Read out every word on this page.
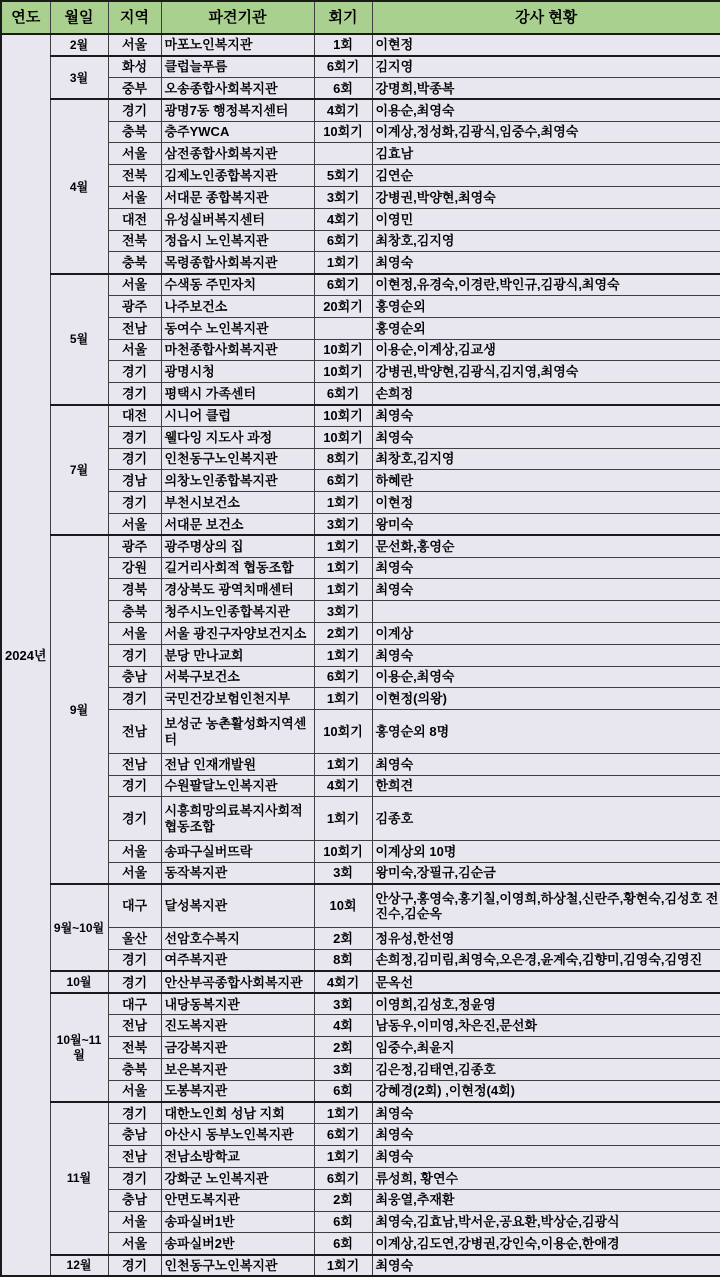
연도	월일	지역	파견기관	회기	강사 현황
2024년	2월	서울	마포노인복지관	1회	이현정
	3월	화성	클럽늘푸름	6회기	김지영
		중부	오송종합사회복지관	6회	강명희,박종복
	4월	경기	광명7동 행정복지센터	4회기	이용순,최영숙
		충북	충주YWCA	10회기	이계상,정성화,김광식,임중수,최영숙
		서울	삼전종합사회복지관		김효남
		전북	김제노인종합복지관	5회기	김연순
		서울	서대문 종합복지관	3회기	강병권,박양현,최영숙
		대전	유성실버복지센터	4회기	이영민
		전북	정읍시 노인복지관	6회기	최창호,김지영
		충북	목령종합사회복지관	1회기	최영숙
	5월	서울	수색동 주민자치	6회기	이현정,유경숙,이경란,박인규,김광식,최영숙
		광주	나주보건소	20회기	홍영순외
		전남	동여수 노인복지관		홍영순외
		서울	마천종합사회복지관	10회기	이용순,이계상,김교생
		경기	광명시청	10회기	강병권,박양현,김광식,김지영,최영숙
		경기	평택시 가족센터	6회기	손희정
	7월	대전	시니어 클럽	10회기	최영숙
		경기	웰다잉 지도사 과정	10회기	최영숙
		경기	인천동구노인복지관	8회기	최창호,김지영
		경남	의창노인종합복지관	6회기	하혜란
		경기	부천시보건소	1회기	이현정
		서울	서대문 보건소	3회기	왕미숙
	9월	광주	광주명상의 집	1회기	문선화,홍영순
		강원	길거리사회적 협동조합	1회기	최영숙
		경북	경상북도 광역치매센터	1회기	최영숙
		충북	청주시노인종합복지관	3회기	
		서울	서울 광진구자양보건지소	2회기	이계상
		경기	분당 만나교회	1회기	최영숙
		충남	서북구보건소	6회기	이용순,최영숙
		경기	국민건강보험인천지부	1회기	이현정(의왕)
		전남	보성군 농촌활성화지역센터	10회기	홍영순외 8명
		전남	전남 인재개발원	1회기	최영숙
		경기	수원팔달노인복지관	4회기	한희견
		경기	시흥희망의료복지사회적협동조합	1회기	김종호
		서울	송파구실버뜨락	10회기	이계상외 10명
		서울	동작복지관	3회	왕미숙,장필규,김순금
	9월~10월	대구	달성복지관	10회	안상구,홍영숙,홍기칠,이영희,하상철,신란주,황현숙,김성호 전진수,김순옥
		울산	선암호수복지	2회	정유성,한선영
		경기	여주복지관	8회	손희정,김미림,최영숙,오은경,윤계숙,김향미,김영숙,김영진
	10월	경기	안산부곡종합사회복지관	4회기	문옥선
	10월~11월	대구	내당동복지관	3회	이영희,김성호,정윤영
		전남	진도복지관	4회	남동우,이미영,차은진,문선화
		전북	금강복지관	2회	임중수,최윤지
		충북	보은복지관	3회	김은정,김태연,김종호
		서울	도봉복지관	6회	강혜경(2회) ,이현정(4회)
	11월	경기	대한노인회 성남 지회	1회기	최영숙
		충남	아산시 동부노인복지관	6회기	최영숙
		전남	전남소방학교	1회기	최영숙
		경기	강화군 노인복지관	6회기	류성희, 황연수
		충남	안면도복지관	2회	최웅열,추재환
		서울	송파실버1반	6회	최영숙,김효남,박서운,공요환,박상순,김광식
		서울	송파실버2반	6회	이계상,김도연,강병권,강인숙,이용순,한애경
	12월	경기	인천동구노인복지관	1회기	최영숙
